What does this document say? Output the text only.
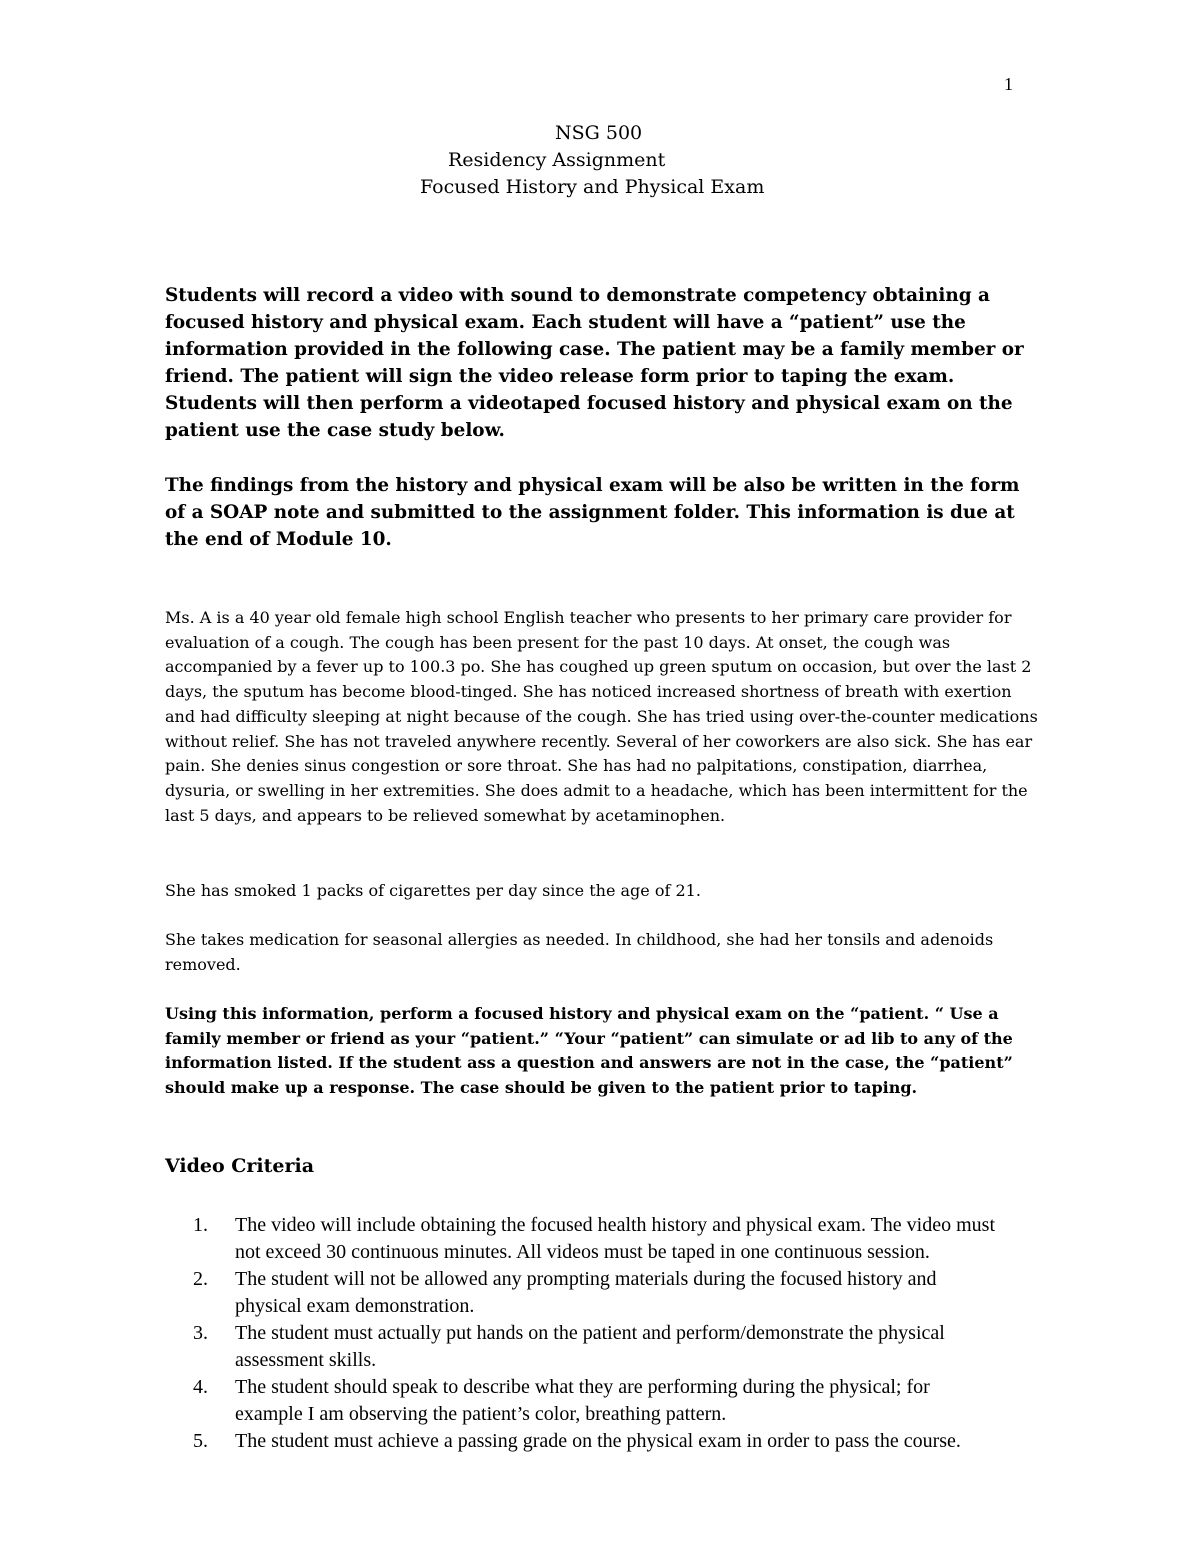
1
NSG 500
Residency Assignment
Focused History and Physical Exam

Students will record a video with sound to demonstrate competency obtaining a focused history and physical exam. Each student will have a “patient” use the information provided in the following case. The patient may be a family member or friend. The patient will sign the video release form prior to taping the exam. Students will then perform a videotaped focused history and physical exam on the patient use the case study below.

The findings from the history and physical exam will be also be written in the form of a SOAP note and submitted to the assignment folder. This information is due at the end of Module 10.

Ms. A is a 40 year old female high school English teacher who presents to her primary care provider for evaluation of a cough. The cough has been present for the past 10 days. At onset, the cough was accompanied by a fever up to 100.3 po. She has coughed up green sputum on occasion, but over the last 2 days, the sputum has become blood-tinged. She has noticed increased shortness of breath with exertion and had difficulty sleeping at night because of the cough. She has tried using over-the-counter medications without relief. She has not traveled anywhere recently. Several of her coworkers are also sick. She has ear pain. She denies sinus congestion or sore throat. She has had no palpitations, constipation, diarrhea, dysuria, or swelling in her extremities. She does admit to a headache, which has been intermittent for the last 5 days, and appears to be relieved somewhat by acetaminophen.

She has smoked 1 packs of cigarettes per day since the age of 21.

She takes medication for seasonal allergies as needed. In childhood, she had her tonsils and adenoids removed.

Using this information, perform a focused history and physical exam on the “patient. “ Use a family member or friend as your “patient.” “Your “patient” can simulate or ad lib to any of the information listed. If the student ass a question and answers are not in the case, the “patient” should make up a response. The case should be given to the patient prior to taping.

Video Criteria
1. The video will include obtaining the focused health history and physical exam. The video must not exceed 30 continuous minutes. All videos must be taped in one continuous session.
2. The student will not be allowed any prompting materials during the focused history and physical exam demonstration.
3. The student must actually put hands on the patient and perform/demonstrate the physical assessment skills.
4. The student should speak to describe what they are performing during the physical; for example I am observing the patient’s color, breathing pattern.
5. The student must achieve a passing grade on the physical exam in order to pass the course.
